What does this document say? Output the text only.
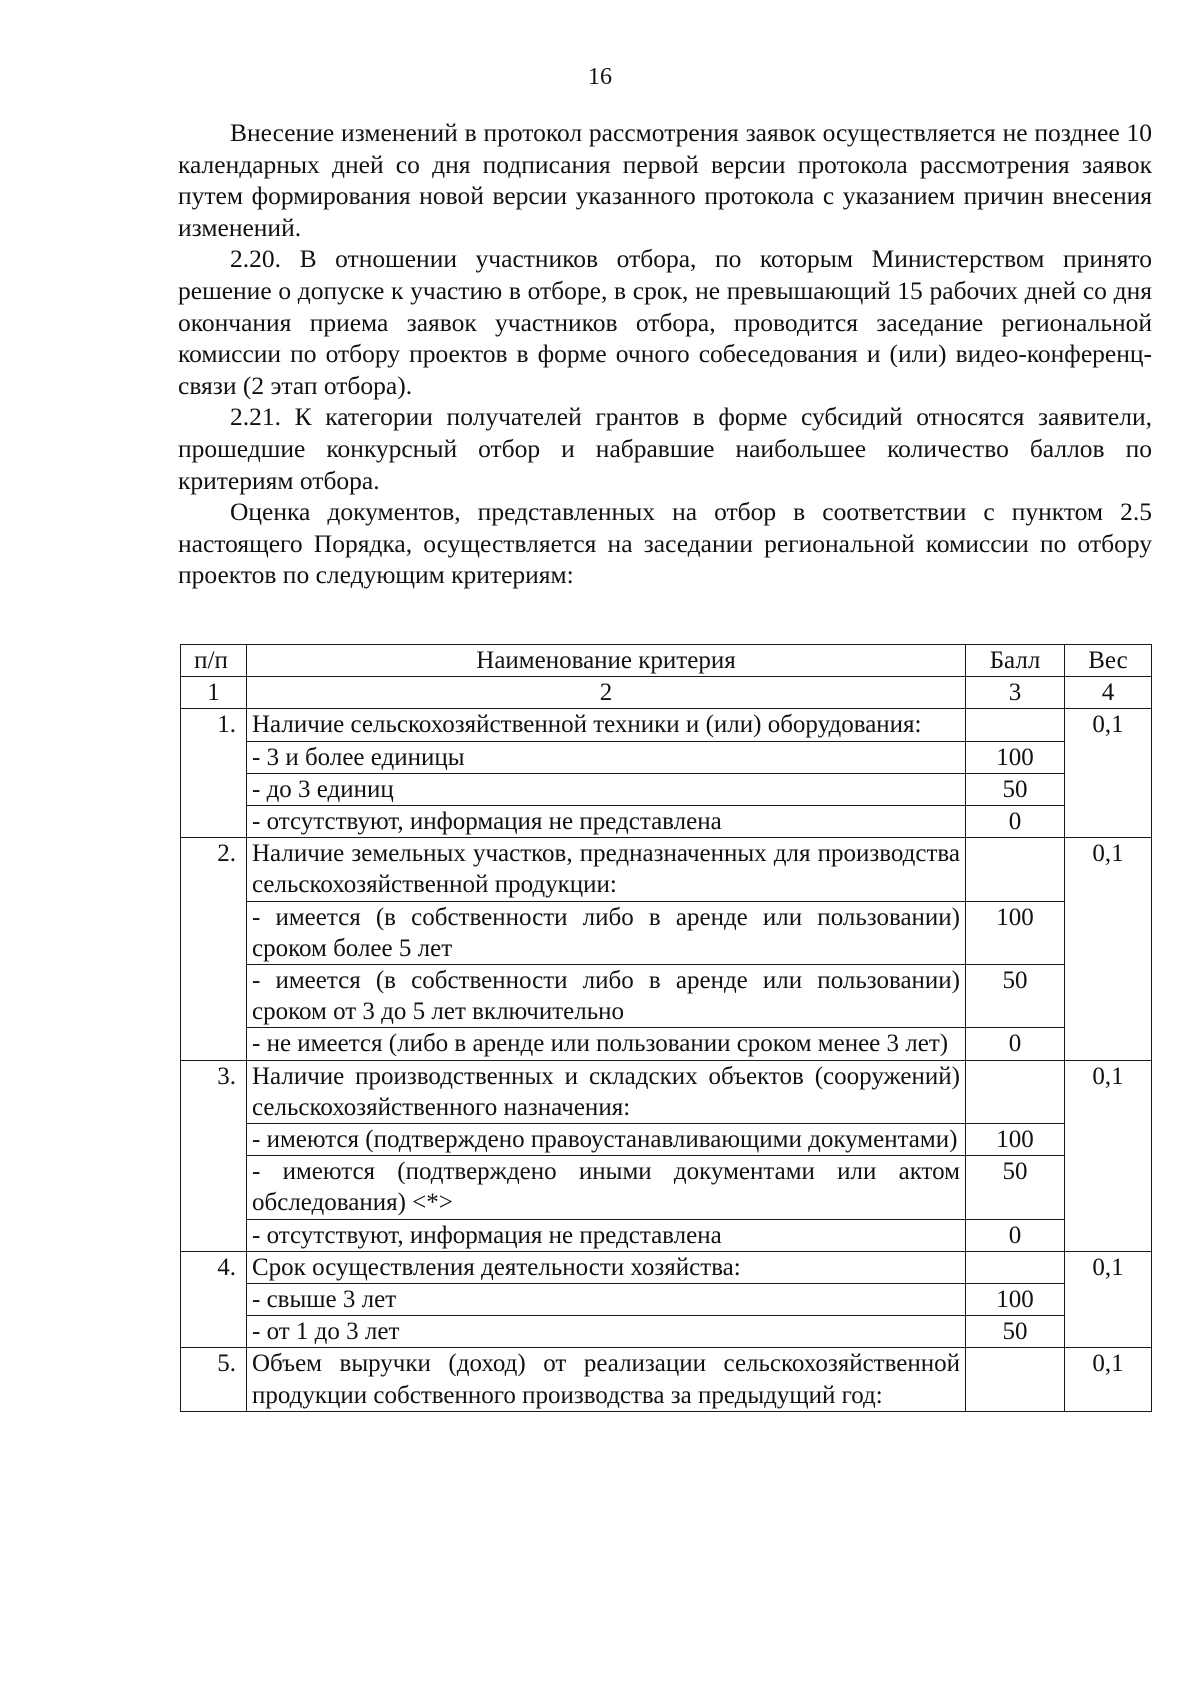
16

Внесение изменений в протокол рассмотрения заявок осуществляется не позднее 10 календарных дней со дня подписания первой версии протокола рассмотрения заявок путем формирования новой версии указанного протокола с указанием причин внесения изменений.

2.20. В отношении участников отбора, по которым Министерством принято решение о допуске к участию в отборе, в срок, не превышающий 15 рабочих дней со дня окончания приема заявок участников отбора, проводится заседание региональной комиссии по отбору проектов в форме очного собеседования и (или) видео-конференц-связи (2 этап отбора).

2.21. К категории получателей грантов в форме субсидий относятся заявители, прошедшие конкурсный отбор и набравшие наибольшее количество баллов по критериям отбора.

Оценка документов, представленных на отбор в соответствии с пунктом 2.5 настоящего Порядка, осуществляется на заседании региональной комиссии по отбору проектов по следующим критериям:

п/п	Наименование критерия	Балл	Вес
1	2	3	4
1.	Наличие сельскохозяйственной техники и (или) оборудования:		0,1
	- 3 и более единицы	100	
	- до 3 единиц	50	
	- отсутствуют, информация не представлена	0	
2.	Наличие земельных участков, предназначенных для производства сельскохозяйственной продукции:		0,1
	- имеется (в собственности либо в аренде или пользовании) сроком более 5 лет	100	
	- имеется (в собственности либо в аренде или пользовании) сроком от 3 до 5 лет включительно	50	
	- не имеется (либо в аренде или пользовании сроком менее 3 лет)	0	
3.	Наличие производственных и складских объектов (сооружений) сельскохозяйственного назначения:		0,1
	- имеются (подтверждено правоустанавливающими документами)	100	
	- имеются (подтверждено иными документами или актом обследования) <*>	50	
	- отсутствуют, информация не представлена	0	
4.	Срок осуществления деятельности хозяйства:		0,1
	- свыше 3 лет	100	
	- от 1 до 3 лет	50	
5.	Объем выручки (доход) от реализации сельскохозяйственной продукции собственного производства за предыдущий год:		0,1
